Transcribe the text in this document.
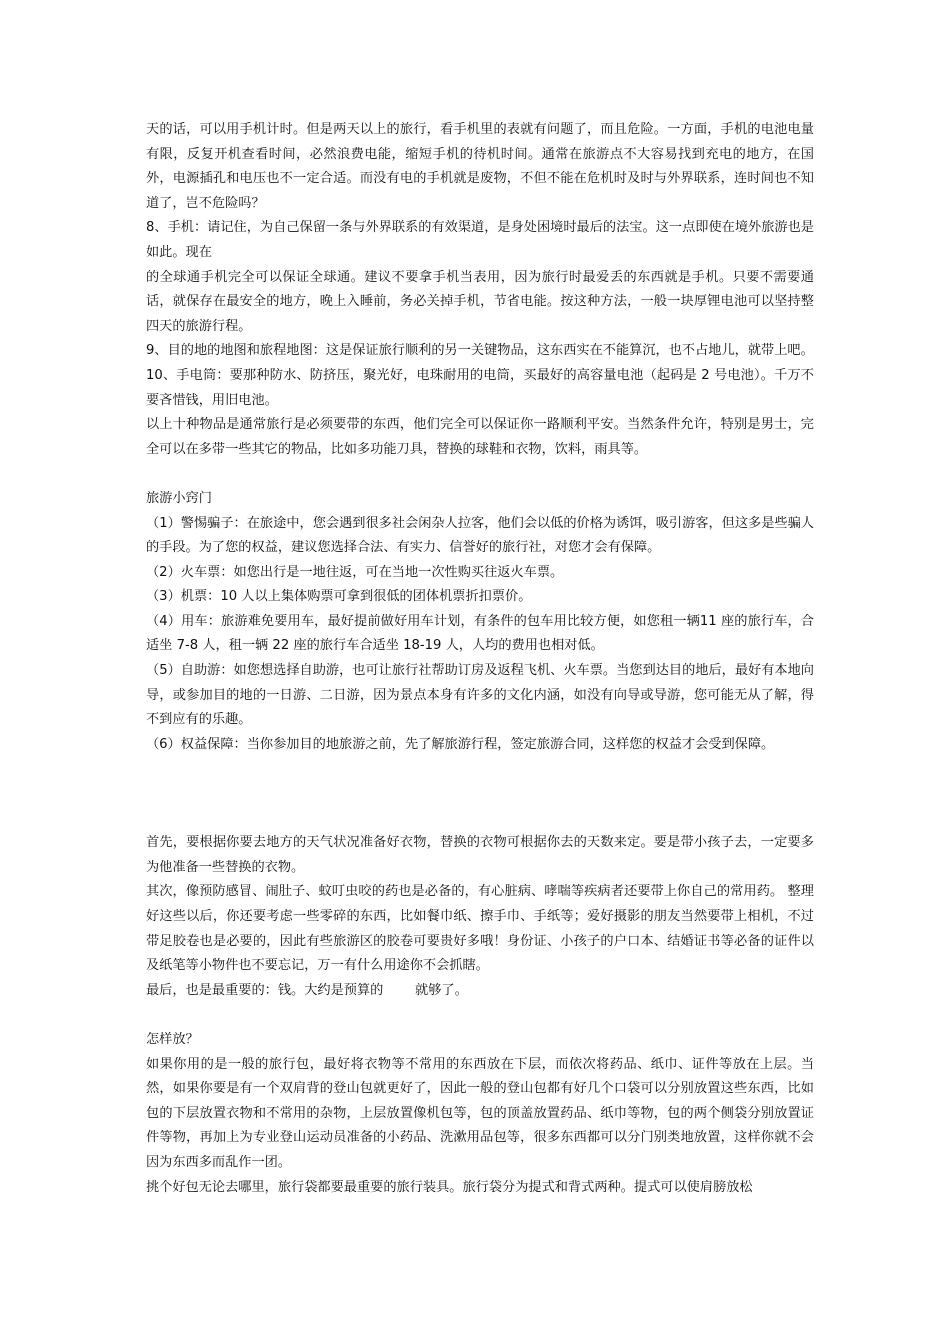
天的话，可以用手机计时。但是两天以上的旅行，看手机里的表就有问题了，而且危险。一方面，手机的电池电量有限，反复开机查看时间，必然浪费电能，缩短手机的待机时间。通常在旅游点不大容易找到充电的地方，在国外，电源插孔和电压也不一定合适。而没有电的手机就是废物，不但不能在危机时及时与外界联系，连时间也不知道了，岂不危险吗？

8、手机：请记住，为自己保留一条与外界联系的有效渠道，是身处困境时最后的法宝。这一点即使在境外旅游也是如此。现在

的全球通手机完全可以保证全球通。建议不要拿手机当表用，因为旅行时最爱丢的东西就是手机。只要不需要通话，就保存在最安全的地方，晚上入睡前，务必关掉手机，节省电能。按这种方法，一般一块厚锂电池可以坚持整四天的旅游行程。

9、目的地的地图和旅程地图：这是保证旅行顺利的另一关键物品，这东西实在不能算沉，也不占地儿，就带上吧。

10、手电筒：要那种防水、防挤压，聚光好，电珠耐用的电筒，买最好的高容量电池（起码是 2 号电池）。千万不要吝惜钱，用旧电池。

以上十种物品是通常旅行是必须要带的东西，他们完全可以保证你一路顺利平安。当然条件允许，特别是男士，完全可以在多带一些其它的物品，比如多功能刀具，替换的球鞋和衣物，饮料，雨具等。

旅游小窍门

（1）警惕骗子：在旅途中，您会遇到很多社会闲杂人拉客，他们会以低的价格为诱饵，吸引游客，但这多是些骗人的手段。为了您的权益，建议您选择合法、有实力、信誉好的旅行社，对您才会有保障。

（2）火车票：如您出行是一地往返，可在当地一次性购买往返火车票。

（3）机票：10 人以上集体购票可拿到很低的团体机票折扣票价。

（4）用车：旅游难免要用车，最好提前做好用车计划，有条件的包车用比较方便，如您租一辆11 座的旅行车，合适坐 7-8 人，租一辆 22 座的旅行车合适坐 18-19 人，人均的费用也相对低。

（5）自助游：如您想选择自助游，也可让旅行社帮助订房及返程飞机、火车票。当您到达目的地后，最好有本地向导，或参加目的地的一日游、二日游，因为景点本身有许多的文化内涵，如没有向导或导游，您可能无从了解，得不到应有的乐趣。

（6）权益保障：当你参加目的地旅游之前，先了解旅游行程，签定旅游合同，这样您的权益才会受到保障。

首先，要根据你要去地方的天气状况准备好衣物，替换的衣物可根据你去的天数来定。要是带小孩子去，一定要多为他准备一些替换的衣物。

其次，像预防感冒、闹肚子、蚊叮虫咬的药也是必备的，有心脏病、哮喘等疾病者还要带上你自己的常用药。 整理好这些以后，你还要考虑一些零碎的东西，比如餐巾纸、擦手巾、手纸等；爱好摄影的朋友当然要带上相机，不过带足胶卷也是必要的，因此有些旅游区的胶卷可要贵好多哦！身份证、小孩子的户口本、结婚证书等必备的证件以及纸笔等小物件也不要忘记，万一有什么用途你不会抓瞎。

最后，也是最重要的：钱。大约是预算的 就够了。

怎样放？

如果你用的是一般的旅行包，最好将衣物等不常用的东西放在下层，而依次将药品、纸巾、证件等放在上层。当然，如果你要是有一个双肩背的登山包就更好了，因此一般的登山包都有好几个口袋可以分别放置这些东西，比如包的下层放置衣物和不常用的杂物，上层放置像机包等，包的顶盖放置药品、纸巾等物，包的两个侧袋分别放置证件等物，再加上为专业登山运动员准备的小药品、洗漱用品包等，很多东西都可以分门别类地放置，这样你就不会因为东西多而乱作一团。

挑个好包无论去哪里，旅行袋都要最重要的旅行装具。旅行袋分为提式和背式两种。提式可以使肩膀放松
